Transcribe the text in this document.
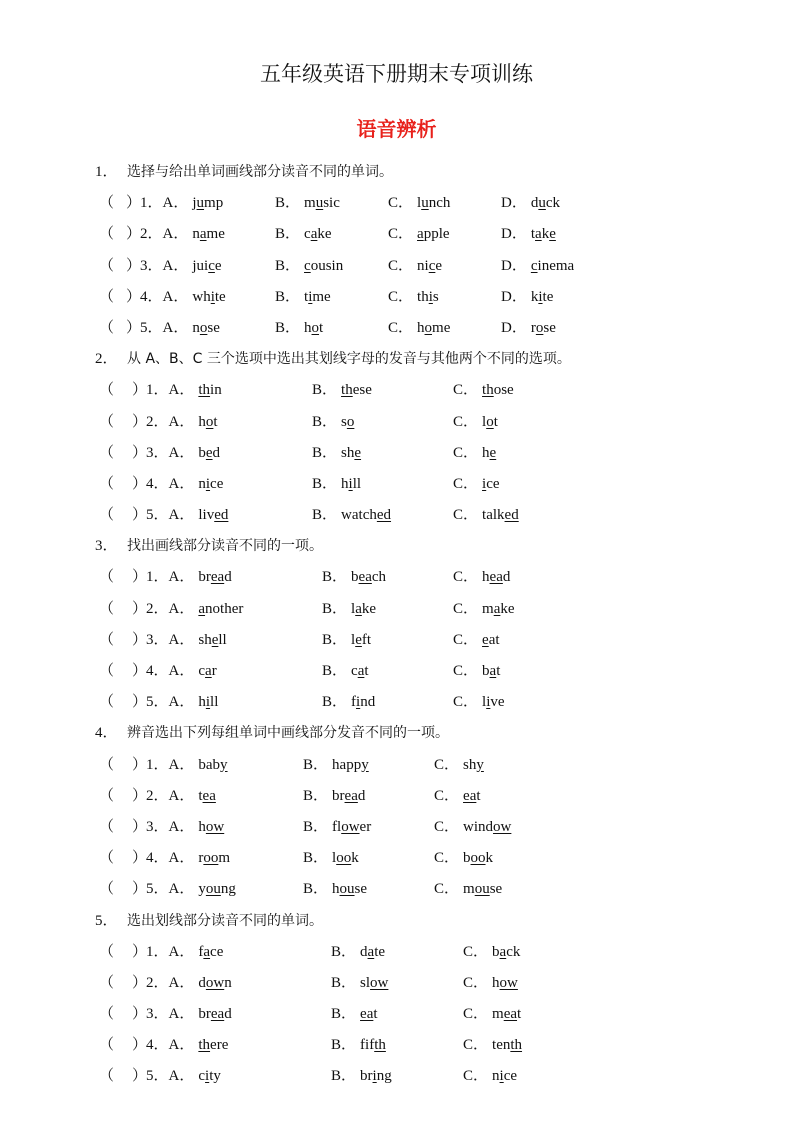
五年级英语下册期末专项训练
语音辨析
1． 选择与给出单词画线部分读音不同的单词。
（ ）
1．A． jump	B． music	C． lunch	D． duck
（ ）
2．A． name	B． cake	C． apple	D． take
（ ）
3．A． juice	B． cousin	C． nice	D． cinema
（ ）
4．A． white	B． time	C． this	D． kite
（ ）
5．A． nose	B． hot	C． home	D． rose
2． 从 A、B、C 三个选项中选出其划线字母的发音与其他两个不同的选项。
（ ）
1．A． thin	B． these	C． those
（ ）
2．A． hot	B． so	C． lot
（ ）
3．A． bed	B． she	C． he
（ ）
4．A． nice	B． hill	C． ice
（ ）
5．A． lived	B． watched	C． talked
3． 找出画线部分读音不同的一项。
（ ）
1．A． bread	B． beach	C． head
（ ）
2．A． another	B． lake	C． make
（ ）
3．A． shell	B． left	C． eat
（ ）
4．A． car	B． cat	C． bat
（ ）
5．A． hill	B． find	C． live
4． 辨音选出下列每组单词中画线部分发音不同的一项。
（ ）
1．A． baby	B． happy	C． shy
（ ）
2．A． tea	B． bread	C． eat
（ ）
3．A． how	B． flower	C． window
（ ）
4．A． room	B． look	C． book
（ ）
5．A． young	B． house	C． mouse
5． 选出划线部分读音不同的单词。
（ ）
1．A． face	B． date	C． back
（ ）
2．A． down	B． slow	C． how
（ ）
3．A． bread	B． eat	C． meat
（ ）
4．A． there	B． fifth	C． tenth
（ ）
5．A． city	B． bring	C． nice
